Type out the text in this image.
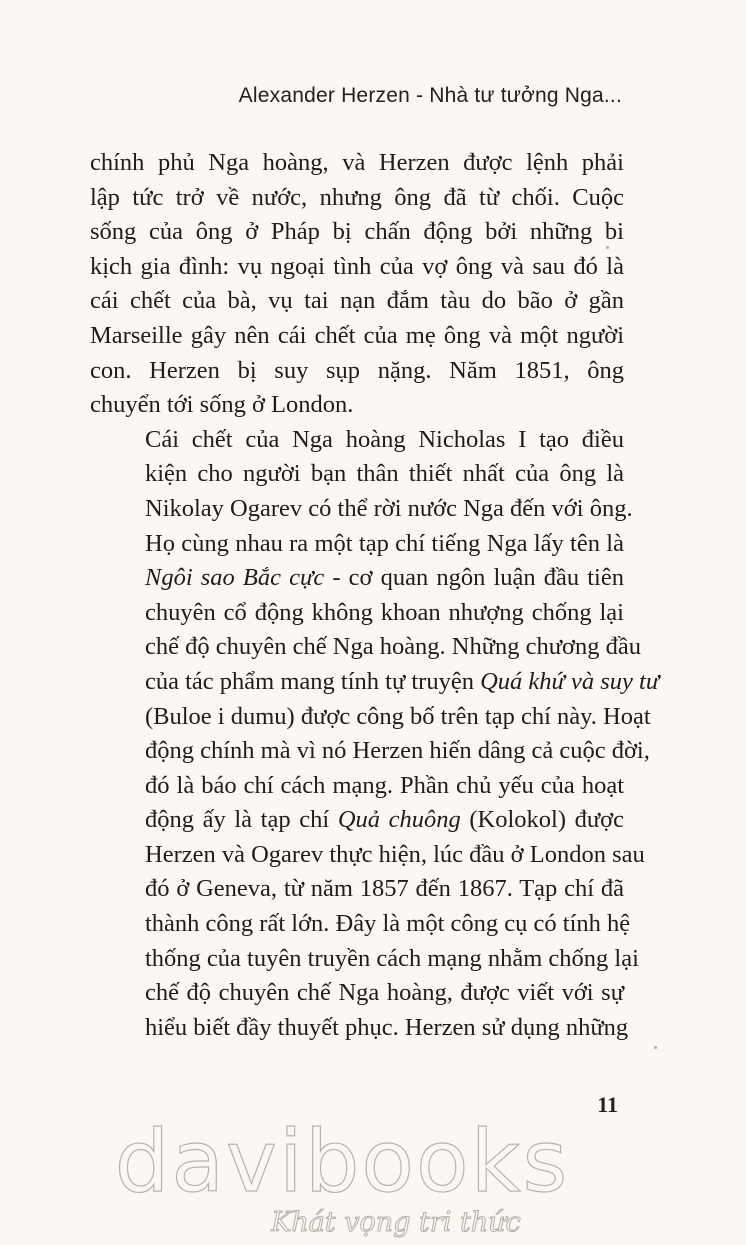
Alexander Herzen - Nhà tư tưởng Nga...

chính phủ Nga hoàng, và Herzen được lệnh phải
lập tức trở về nước, nhưng ông đã từ chối. Cuộc
sống của ông ở Pháp bị chấn động bởi những bi
kịch gia đình: vụ ngoại tình của vợ ông và sau đó là
cái chết của bà, vụ tai nạn đắm tàu do bão ở gần
Marseille gây nên cái chết của mẹ ông và một người
con. Herzen bị suy sụp nặng. Năm 1851, ông
chuyển tới sống ở London.

Cái chết của Nga hoàng Nicholas I tạo điều
kiện cho người bạn thân thiết nhất của ông là
Nikolay Ogarev có thể rời nước Nga đến với ông.
Họ cùng nhau ra một tạp chí tiếng Nga lấy tên là
Ngôi sao Bắc cực - cơ quan ngôn luận đầu tiên
chuyên cổ động không khoan nhượng chống lại
chế độ chuyên chế Nga hoàng. Những chương đầu
của tác phẩm mang tính tự truyện Quá khứ và suy tư
(Buloe i dumu) được công bố trên tạp chí này. Hoạt
động chính mà vì nó Herzen hiến dâng cả cuộc đời,
đó là báo chí cách mạng. Phần chủ yếu của hoạt
động ấy là tạp chí Quả chuông (Kolokol) được
Herzen và Ogarev thực hiện, lúc đầu ở London sau
đó ở Geneva, từ năm 1857 đến 1867. Tạp chí đã
thành công rất lớn. Đây là một công cụ có tính hệ
thống của tuyên truyền cách mạng nhằm chống lại
chế độ chuyên chế Nga hoàng, được viết với sự
hiểu biết đầy thuyết phục. Herzen sử dụng những

11
davibooks
Khát vọng tri thức
